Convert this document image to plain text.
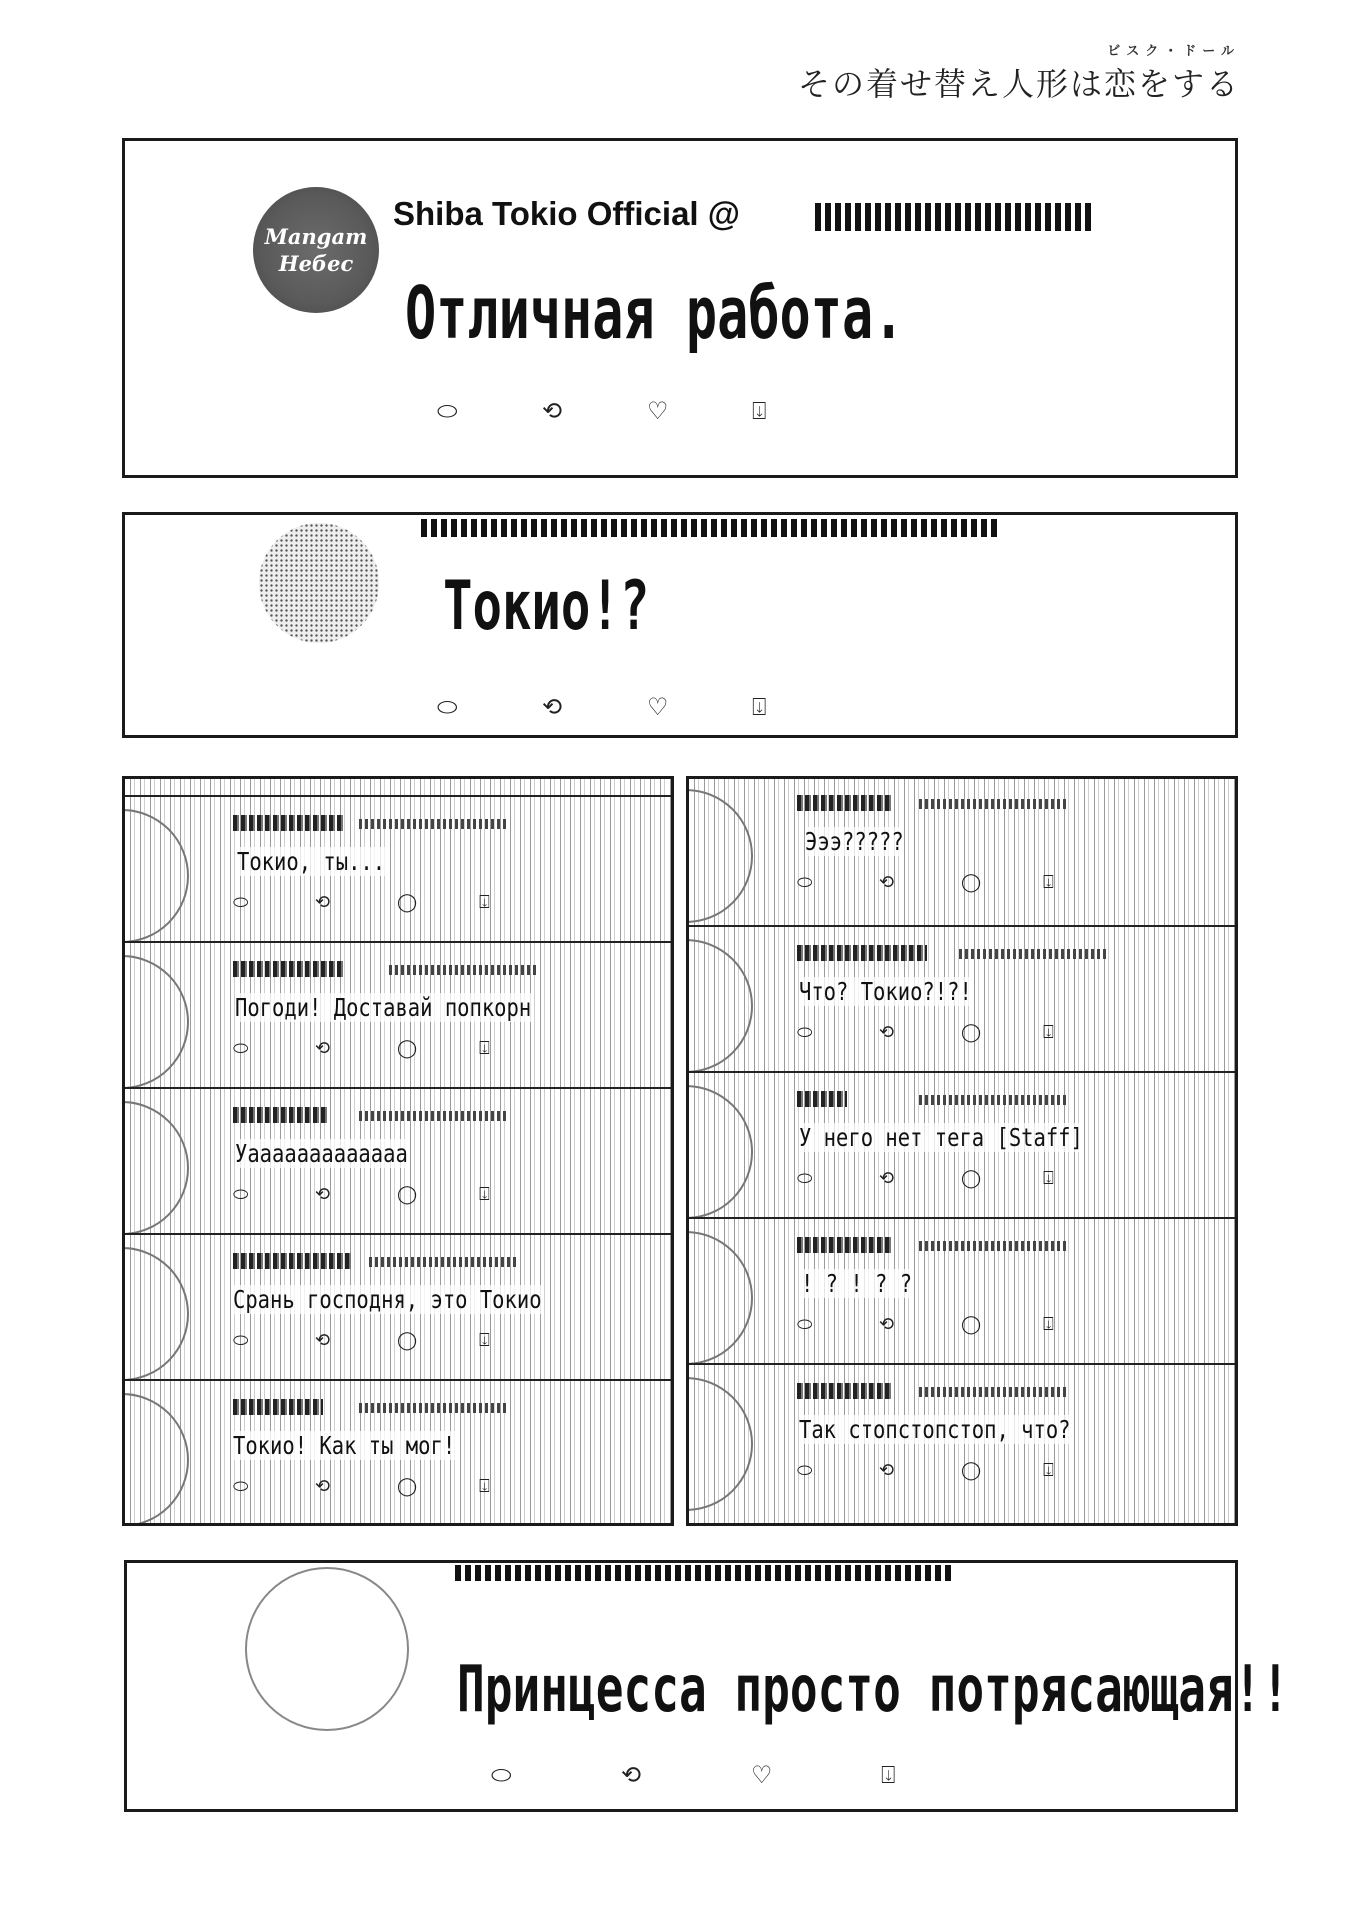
ビスク・ドール
その着せ替え人形は恋をする
Mangam
Небес
Shiba Tokio Official @
Отличная работа.
⬭	⟲	♡	⍗
Токио!?
⬭	⟲	♡	⍗
Токио, ты...
⬭	⟲	◯	⍗
Погоди! Доставай попкорн
⬭	⟲	◯	⍗
Уааааааааааааа
⬭	⟲	◯	⍗
Срань господня, это Токио
⬭	⟲	◯	⍗
Токио! Как ты мог!
⬭	⟲	◯	⍗
Эээ?????
⬭	⟲	◯	⍗
Что? Токио?!?!
⬭	⟲	◯	⍗
У него нет тега [Staff]
⬭	⟲	◯	⍗
! ? ! ? ?
⬭	⟲	◯	⍗
Так стопстопстоп, что?
⬭	⟲	◯	⍗
Принцесса просто потрясающая!!
⬭	⟲	♡	⍗
